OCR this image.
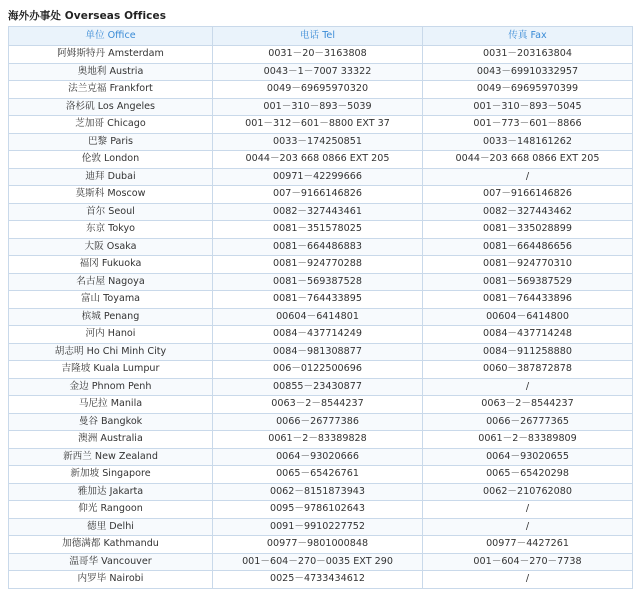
海外办事处 Overseas Offices
单位 Office	电话 Tel	传真 Fax
阿姆斯特丹 Amsterdam	0031－20－3163808	0031－203163804
奥地利 Austria	0043－1－7007 33322	0043－69910332957
法兰克福 Frankfort	0049－69695970320	0049－69695970399
洛杉矶 Los Angeles	001－310－893－5039	001－310－893－5045
芝加哥 Chicago	001－312－601－8800 EXT 37	001－773－601－8866
巴黎 Paris	0033－174250851	0033－148161262
伦敦 London	0044－203 668 0866 EXT 205	0044－203 668 0866 EXT 205
迪拜 Dubai	00971－42299666	/
莫斯科 Moscow	007－9166146826	007－9166146826
首尔 Seoul	0082－327443461	0082－327443462
东京 Tokyo	0081－351578025	0081－335028899
大阪 Osaka	0081－664486883	0081－664486656
福冈 Fukuoka	0081－924770288	0081－924770310
名古屋 Nagoya	0081－569387528	0081－569387529
富山 Toyama	0081－764433895	0081－764433896
槟城 Penang	00604－6414801	00604－6414800
河内 Hanoi	0084－437714249	0084－437714248
胡志明 Ho Chi Minh City	0084－981308877	0084－911258880
吉隆坡 Kuala Lumpur	006－0122500696	0060－387872878
金边 Phnom Penh	00855－23430877	/
马尼拉 Manila	0063－2－8544237	0063－2－8544237
曼谷 Bangkok	0066－26777386	0066－26777365
澳洲 Australia	0061－2－83389828	0061－2－83389809
新西兰 New Zealand	0064－93020666	0064－93020655
新加坡 Singapore	0065－65426761	0065－65420298
雅加达 Jakarta	0062－8151873943	0062－210762080
仰光 Rangoon	0095－9786102643	/
德里 Delhi	0091－9910227752	/
加德满都 Kathmandu	00977－9801000848	00977－4427261
温哥华 Vancouver	001－604－270－0035 EXT 290	001－604－270－7738
内罗毕 Nairobi	0025－4733434612	/
